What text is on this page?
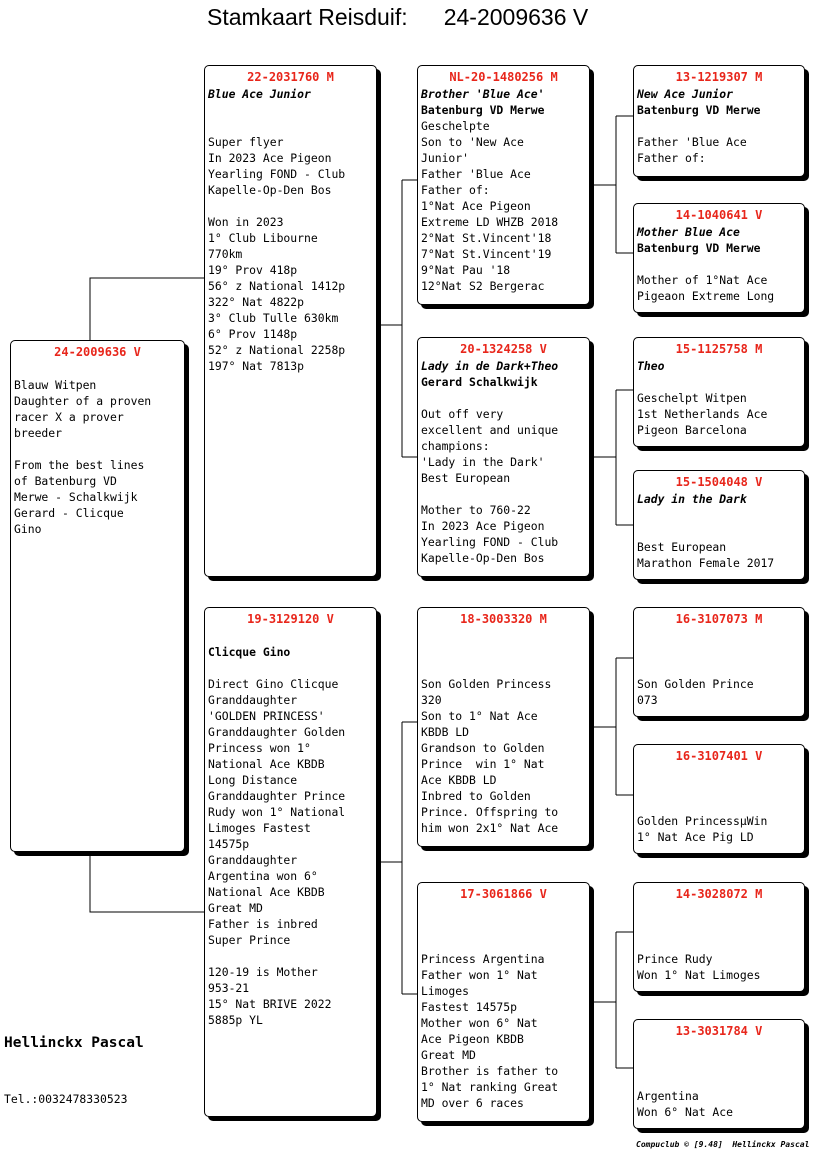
Stamkaart Reisduif: 24-2009636 V
24-2009636 V
Blauw Witpen
Daughter of a proven
racer X a prover
breeder
From the best lines
of Batenburg VD
Merwe - Schalkwijk
Gerard - Clicque
Gino
22-2031760 M
Blue Ace Junior
Super flyer
In 2023 Ace Pigeon
Yearling FOND - Club
Kapelle-Op-Den Bos
Won in 2023
1° Club Libourne
770km
19° Prov 418p
56° z National 1412p
322° Nat 4822p
3° Club Tulle 630km
6° Prov 1148p
52° z National 2258p
197° Nat 7813p
19-3129120 V
Clicque Gino
Direct Gino Clicque
Granddaughter
'GOLDEN PRINCESS'
Granddaughter Golden
Princess won 1°
National Ace KBDB
Long Distance
Granddaughter Prince
Rudy won 1° National
Limoges Fastest
14575p
Granddaughter
Argentina won 6°
National Ace KBDB
Great MD
Father is inbred
Super Prince
120-19 is Mother
953-21
15° Nat BRIVE 2022
5885p YL
NL-20-1480256 M
Brother 'Blue Ace'
Batenburg VD Merwe
Geschelpte
Son to 'New Ace
Junior'
Father 'Blue Ace
Father of:
1°Nat Ace Pigeon
Extreme LD WHZB 2018
2°Nat St.Vincent'18
7°Nat St.Vincent'19
9°Nat Pau '18
12°Nat S2 Bergerac
20-1324258 V
Lady in de Dark+Theo
Gerard Schalkwijk
Out off very
excellent and unique
champions:
'Lady in the Dark'
Best European
Mother to 760-22
In 2023 Ace Pigeon
Yearling FOND - Club
Kapelle-Op-Den Bos
18-3003320 M
Son Golden Princess
320
Son to 1° Nat Ace
KBDB LD
Grandson to Golden
Prince  win 1° Nat
Ace KBDB LD
Inbred to Golden
Prince. Offspring to
him won 2x1° Nat Ace
17-3061866 V
Princess Argentina
Father won 1° Nat
Limoges
Fastest 14575p
Mother won 6° Nat
Ace Pigeon KBDB
Great MD
Brother is father to
1° Nat ranking Great
MD over 6 races
13-1219307 M
New Ace Junior
Batenburg VD Merwe
Father 'Blue Ace
Father of:
14-1040641 V
Mother Blue Ace
Batenburg VD Merwe
Mother of 1°Nat Ace
Pigeaon Extreme Long
15-1125758 M
Theo
Geschelpt Witpen
1st Netherlands Ace
Pigeon Barcelona
15-1504048 V
Lady in the Dark
Best European
Marathon Female 2017
16-3107073 M
Son Golden Prince
073
16-3107401 V
Golden PrincessµWin
1° Nat Ace Pig LD
14-3028072 M
Prince Rudy
Won 1° Nat Limoges
13-3031784 V
Argentina
Won 6° Nat Ace
Hellinckx Pascal
Tel.:0032478330523
Compuclub © [9.48]  Hellinckx Pascal
